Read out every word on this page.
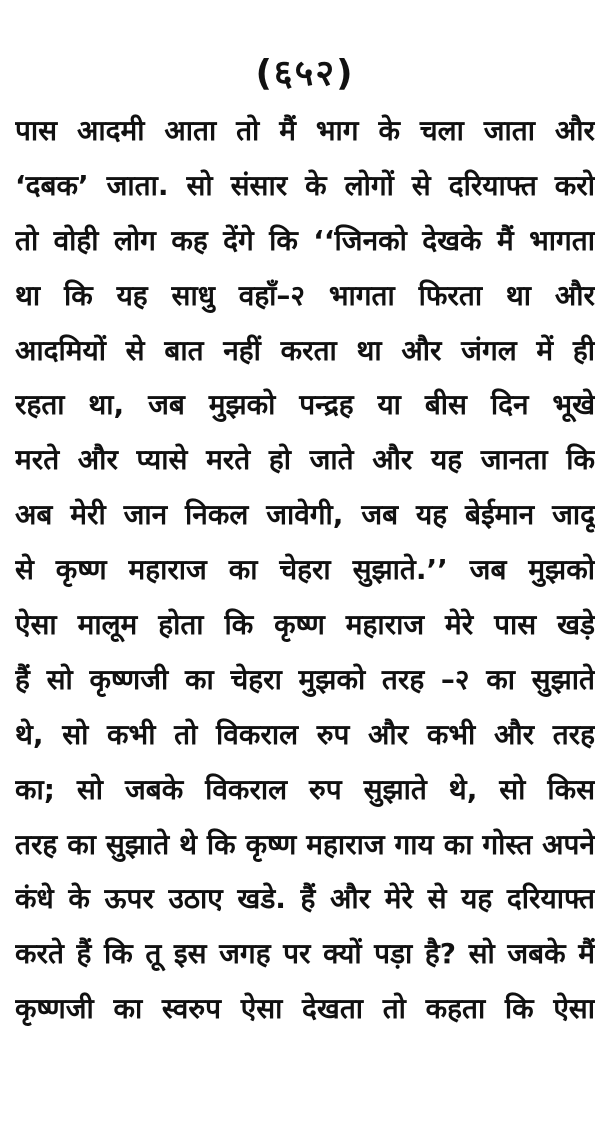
(६५२)
पास आदमी आता तो मैं भाग के चला जाता और
‘दबक’ जाता. सो संसार के लोगों से दरियाफ्त करो
तो वोही लोग कह देंगे कि ‘‘जिनको देखके मैं भागता
था कि यह साधु वहाँ–२ भागता फिरता था और
आदमियों से बात नहीं करता था और जंगल में ही
रहता था, जब मुझको पन्द्रह या बीस दिन भूखे
मरते और प्यासे मरते हो जाते और यह जानता कि
अब मेरी जान निकल जावेगी, जब यह बेईमान जादू
से कृष्ण महाराज का चेहरा सुझाते.’’ जब मुझको
ऐसा मालूम होता कि कृष्ण महाराज मेरे पास खड़े
हैं सो कृष्णजी का चेहरा मुझको तरह –२ का सुझाते
थे, सो कभी तो विकराल रुप और कभी और तरह
का; सो जबके विकराल रुप सुझाते थे, सो किस
तरह का सुझाते थे कि कृष्ण महाराज गाय का गोस्त अपने
कंधे के ऊपर उठाए खडे. हैं और मेरे से यह दरियाफ्त
करते हैं कि तू इस जगह पर क्यों पड़ा है? सो जबके मैं
कृष्णजी का स्वरुप ऐसा देखता तो कहता कि ऐसा
